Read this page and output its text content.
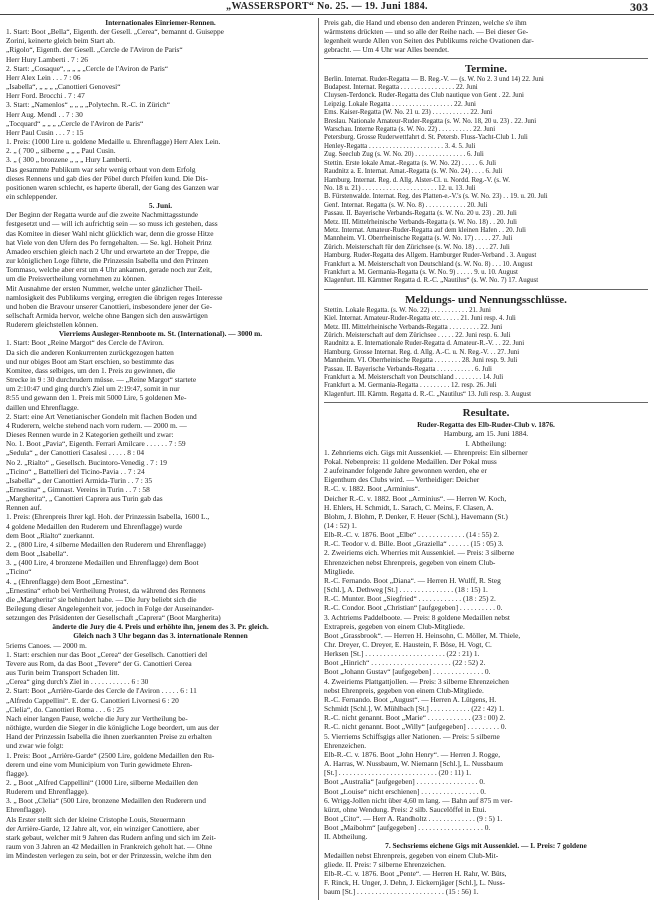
„WASSERSPORT“ No. 25. — 19. Juni 1884.	303
Internationales Einriemer-Rennen.
1. Start: Boot „Bella“, Eigenth. der Gesell. „Cerea“, bemannt d. Guiseppe
Zorini, keinerte gleich beim Start ab.
„Rigolo“, Eigenth. der Gesell. „Cercle de l'Aviron de Paris“
Herr Hury Lamberti . 7 : 26
2. Start: „Cosaque“, „ „ „ „Cercle de l'Aviron de Paris“
Herr Alex Lein . . . 7 : 06
„Isabella“, „ „ „ „Canottieri Genovesi“
Herr Ford. Brocchi . 7 : 47
3. Start: „Namenlos“ „ „ „ „Polytechn. R.-C. in Zürich“
Herr Aug. Mendl . . 7 : 30
„Tocquard“ „ „ „ „Cercle de l'Aviron de Paris“
Herr Paul Cusin . . . 7 : 15
1. Preis: (1000 Lire u. goldene Medaille u. Ehrenflagge) Herr Alex Lein.
2. „ ( 700 „ silberne „ „ „ Paul Cusin.
3. „ ( 300 „ bronzene „ „ „ Hury Lamberti.
Das gesammte Publikum war sehr wenig erbaut von dem Erfolg
dieses Rennens und gab dies der Pöbel durch Pfeifen kund. Die Dis-
positionen waren schlecht, es haperte überall, der Gang des Ganzen war
ein schleppender.
5. Juni.
Der Beginn der Regatta wurde auf die zweite Nachmittagsstunde
festgesetzt und — will ich aufrichtig sein — so muss ich gestehen, dass
das Komitee in dieser Wahl nicht glücklich war, denn die grosse Hitze
hat Viele von den Ufern des Po ferngehalten. — Se. kgl. Hoheit Prinz
Amadeo erschien gleich nach 2 Uhr und erwartete an der Treppe, die
zur königlichen Loge führte, die Prinzessin Isabella und den Prinzen
Tommaso, welche aber erst um 4 Uhr ankamen, gerade noch zur Zeit,
um die Preisvertheilung vornehmen zu können.
Mit Ausnahme der ersten Nummer, welche unter gänzlicher Theil-
namlosigkeit des Publikums verging, erregten die übrigen reges Interesse
und hoben die Bravour unserer Canottieri, insbesondere jener der Ge-
sellschaft Armida hervor, welche ohne Bangen sich den auswärtigen
Ruderern gleichstellen können.
Vierriems Ausleger-Rennboote m. St. (International). — 3000 m.
1. Start: Boot „Reine Margot“ des Cercle de l'Aviron.
Da sich die anderen Konkurrenten zurückgezogen hatten
und nur obiges Boot am Start erschien, so bestimmte das
Komitee, dass selbiges, um den 1. Preis zu gewinnen, die
Strecke in 9 : 30 durchrudern müsse. — „Reine Margot“ startete
um 2:10:47 und ging durch's Ziel um 2:19:47, somit in nur
8:55 und gewann den 1. Preis mit 5000 Lire, 5 goldenen Me-
daillen und Ehrenflagge.
2. Start: eine Art Venetianischer Gondeln mit flachen Boden und
4 Ruderern, welche stehend nach vorn rudern. — 2000 m. —
Dieses Rennen wurde in 2 Kategorien getheilt und zwar:
No. 1. Boot „Pavia“, Eigenth. Ferrari Amilcare . . . . . . 7 : 59
„Sedula“ „ der Canottieri Casalesi . . . . . 8 : 04
No 2. „Rialto“ „ Gesellsch. Bucintoro-Venedig . 7 : 19
„Ticino“ „ Battellieri del Ticino-Pavia . . 7 : 24
„Isabella“ „ der Canottieri Armida-Turin . . 7 : 35
„Ernestina“ „ Gimnast. Vereins in Turin . . 7 : 58
„Margherita“, „ Canottieri Caprera aus Turin gab das
Rennen auf.
1. Preis: (Ehrenpreis Ihrer kgl. Hoh. der Prinzessin Isabella, 1600 L.,
4 goldene Medaillen den Ruderern und Ehrenflagge) wurde
dem Boot „Rialto“ zuerkannt.
2. „ (800 Lire, 4 silberne Medaillen den Ruderern und Ehrenflagge)
dem Boot „Isabella“.
3. „ (400 Lire, 4 bronzene Medaillen und Ehrenflagge) dem Boot
„Ticino“
4. „ (Ehrenflagge) dem Boot „Ernestina“.
„Ernestina“ erhob bei Vertheilung Protest, da während des Rennens
die „Margherita“ sie behindert habe. — Die Jury beliebt sich die
Beilegung dieser Angelegenheit vor, jedoch in Folge der Auseinander-
setzungen des Präsidenten der Gesellschaft „Caprera“ (Boot Margherita)
änderte die Jury die 4. Preis und erhöhte ihn, jenem des 3. Pr. gleich.
Gleich nach 3 Uhr begann das 3. internationale Rennen
5riems Canoes. — 2000 m.
1. Start: erschien nur das Boot „Cerea“ der Gesellsch. Canottieri del
Tevere aus Rom, da das Boot „Tevere“ der G. Canottieri Cerea
aus Turin beim Transport Schaden litt.
„Cerea“ ging durch's Ziel in . . . . . . . . . . . 6 : 30
2. Start: Boot „Arrière-Garde des Cercle de l'Aviron . . . . . 6 : 11
„Alfredo Cappellini“. E. der G. Canottieri Livornesi 6 : 20
„Clelia“, do. Canottieri Roma . . . 6 : 25
Nach einer langen Pause, welche die Jury zur Vertheilung be-
nöthigte, wurden die Sieger in die königliche Loge beordert, um aus der
Hand der Prinzessin Isabella die ihnen zuerkannten Preise zu erhalten
und zwar wie folgt:
1. Preis: Boot „Arrière-Garde“ (2500 Lire, goldene Medaillen den Ru-
derern und eine vom Municipium von Turin gewidmete Ehren-
flagge).
2. „ Boot „Alfred Cappellini“ (1000 Lire, silberne Medaillen den
Ruderern und Ehrenflagge).
3. „ Boot „Clelia“ (500 Lire, bronzene Medaillen den Ruderern und
Ehrenflagge).
Als Erster stellt sich der kleine Cristophe Louis, Steuermann
der Arrière-Garde, 12 Jahre alt, vor, ein winziger Canottiere, aber
stark gebaut, welcher mit 9 Jahren das Rudern anfing und sich im Zeit-
raum von 3 Jahren an 42 Medaillen in Frankreich geholt hat. — Ohne
im Mindesten verlegen zu sein, bot er der Prinzessin, welche ihm den
Preis gab, die Hand und ebenso den anderen Prinzen, welche s'e ihm
wärmstens drückten — und so alle der Reihe nach. — Bei dieser Ge-
legenheit wurde Allen von Seiten des Publikums reiche Ovationen dar-
gebracht. — Um 4 Uhr war Alles beendet.
Termine.
Berlin. Internat. Ruder-Regatta — B. Reg.-V. — (s. W. No 2. 3 und 14) 22. Juni
Budapest. Internat. Regatta . . . . . . . . . . . . . . . . 22. Juni
Cluysen-Terdonck. Ruder-Regatta des Club nautique von Gent . 22. Juni
Leipzig. Lokale Regatta . . . . . . . . . . . . . . . . . . 22. Juni
Ems. Kaiser-Regatta (W. No. 21 u. 23) . . . . . . . . . . . 22. Juni
Breslau. Nationale Amateur-Ruder-Regatta (s. W. No. 18, 20 u. 23) . 22. Juni
Warschau. Interne Regatta (s. W. No. 22) . . . . . . . . . . 22. Juni
Petersburg. Grosse Ruderwettfahrt d. St. Petersb. Fluss-Yacht-Club 1. Juli
Henley-Regatta . . . . . . . . . . . . . . . . . . . . . . 3. 4. 5. Juli
Zug. Seeclub Zug (s. W. No. 20) . . . . . . . . . . . . . . . 6. Juli
Stettin. Erste lokale Amat.-Regatta (s. W. No. 22) . . . . . 6. Juli
Raudnitz a. E. Internat. Amat.-Regatta (s. W. No. 24) . . . . 6. Juli
Hamburg. Internat. Reg. d. Allg. Alster-Cl. u. Nordd. Reg.-V. (s. W.
No. 18 u. 21) . . . . . . . . . . . . . . . . . . . . . . 12. u. 13. Juli
B. Fürstenwalde. Internat. Reg. des Platten-e.-V.'s (s. W. No. 23) . . 19. u. 20. Juli
Genf. Internat. Regatta (s. W. No. 8) . . . . . . . . . . . . 20. Juli
Passau. II. Bayerische Verbands-Regatta (s. W. No. 20 u. 23) . 20. Juli
Metz. III. Mittelrheinische Verbands-Regatta (s. W. No. 18) . . 20. Juli
Metz. Internat. Amateur-Ruder-Regatta auf dem kleinen Hafen . . 20. Juli
Mannheim. VI. Oberrheinische Regatta (s. W. No. 17) . . . . . 27. Juli
Zürich. Meisterschaft für den Zürichsee (s. W. No. 18) . . . . 27. Juli
Hamburg. Ruder-Regatta des Allgem. Hamburger Ruder-Verband . 3. August
Frankfurt a. M. Meisterschaft von Deutschland (s. W. No. 8) . . . 10. August
Frankfurt a. M. Germania-Regatta (s. W. No. 9) . . . . . 9. u. 10. August
Klagenfurt. III. Kärntner Regatta d. R.-C. „Nautilus“ (s. W. No. 7) 17. August
Meldungs- und Nennungsschlüsse.
Stettin. Lokale Regatta. (s. W. No. 22) . . . . . . . . . . . 21. Juni
Kiel. Internat. Amateur-Ruder-Regatta etc. . . . . . 21. Juni resp. 4. Juli
Metz. III. Mittelrheinische Verbands-Regatta . . . . . . . . . 22. Juni
Zürich. Meisterschaft auf dem Zürichsee . . . . . 22. Juni resp. 6. Juli
Raudnitz a. E. Internationale Ruder-Regatta d. Amateur-R.-V. . . 22. Juni
Hamburg. Grosse Internat. Reg. d. Allg. A.-C. u. N. Reg.-V. . . 27. Juni
Mannheim. VI. Oberrheinische Regatta . . . . . . . . 28. Juni resp. 9. Juli
Passau. II. Bayerische Verbands-Regatta . . . . . . . . . . . 6. Juli
Frankfurt a. M. Meisterschaft von Deutschland . . . . . . . . 14. Juli
Frankfurt a. M. Germania-Regatta . . . . . . . . . 12. resp. 26. Juli
Klagenfurt. III. Kärntn. Regatta d. R.-C. „Nautilus“ 13. Juli resp. 3. August
Resultate.
Ruder-Regatta des Elb-Ruder-Club v. 1876.
Hamburg, am 15. Juni 1884.
I. Abtheilung:
1. Zehnriems eich. Gigs mit Aussenkiel. — Ehrenpreis: Ein silberner
Pokal. Nebenpreis: 11 goldene Medaillen. Der Pokal muss
2 aufeinander folgende Jahre gewonnen werden, ehe er
Eigenthum des Clubs wird. — Vertheidiger: Deicher
R.-C. v. 1882. Boot „Arminius“.
Deicher R.-C. v. 1882. Boot „Arminius“. — Herren W. Koch,
H. Ehlers, H. Schmidt, L. Sarach, C. Meins, F. Clasen, A.
Blohm, J. Blohm, P. Denker, F. Heuer (Schl.), Havemann (St.)
(14 : 52) 1.
Elb-R.-C. v. 1876. Boot „Elbe“ . . . . . . . . . . . . . (14 : 55) 2.
R.-C. Teodor v. d. Bille. Boot „Graziella“ . . . . . . (15 : 05) 3.
2. Zweiriems eich. Wherries mit Aussenkiel. — Preis: 3 silberne
Ehrenzeichen nebst Ehrenpreis, gegeben von einem Club-
Mitgliede.
R.-C. Fernando. Boot „Diana“. — Herren H. Wulff, R. Steg
[Schl.], A. Dethweg [St.] . . . . . . . . . . . . . . . (18 : 15) 1.
R.-C. Munter. Boot „Siegfried“ . . . . . . . . . . . . (18 : 25) 2.
R.-C. Condor. Boot „Christian“ [aufgegeben] . . . . . . . . . . 0.
3. Achtriems Paddelboote. — Preis: 8 goldene Medaillen nebst
Extrapreis, gegeben von einem Club-Mitgliede.
Boot „Grassbrook“. — Herren H. Heinsohn, C. Möller, M. Thiele,
Chr. Dreyer, C. Dreyer, E. Haustein, F. Böse, H. Vogt, C.
Herksen [St.] . . . . . . . . . . . . . . . . . . . . . . (22 : 21) 1.
Boot „Hinrich“ . . . . . . . . . . . . . . . . . . . . . . (22 : 52) 2.
Boot „Johann Gustav“ [aufgegeben] . . . . . . . . . . . . . . 0.
4. Zweiriems Plattgattjollen. — Preis: 3 silberne Ehrenzeichen
nebst Ehrenpreis, gegeben von einem Club-Mitgliede.
R.-C. Fernando. Boot „August“. — Herren A. Lütgens, H.
Schmidt [Schl.], W. Mühlbach [St.] . . . . . . . . . . . (22 : 42) 1.
R.-C. nicht genannt. Boot „Marie“ . . . . . . . . . . . . (23 : 00) 2.
R.-C. nicht genannt. Boot „Willy“ [aufgegeben] . . . . . . . . . 0.
5. Vierriems Schiffsgigs aller Nationen. — Preis: 5 silberne
Ehrenzeichen.
Elb-R.-C. v. 1876. Boot „John Henry“. — Herren J. Rogge,
A. Harras, W. Nussbaum, W. Niemann [Schl.], L. Nussbaum
[St.] . . . . . . . . . . . . . . . . . . . . . . . . . . . (20 : 11) 1.
Boot „Australia“ [aufgegeben] . . . . . . . . . . . . . . . . . 0.
Boot „Louise“ nicht erschienen] . . . . . . . . . . . . . . . . 0.
6. Wrigg-Jollen nicht über 4,60 m lang. — Bahn auf 875 m ver-
kürzt, ohne Wendung. Preis: 2 silb. Saucelöffel in Etui.
Boot „Cito“. — Herr A. Randholtz . . . . . . . . . . . . . (9 : 5) 1.
Boot „Maibohm“ [aufgegeben] . . . . . . . . . . . . . . . . . . 0.
II. Abtheilung.
7. Sechsriems eichene Gigs mit Aussenkiel. — I. Preis: 7 goldene
Medaillen nebst Ehrenpreis, gegeben von einem Club-Mit-
gliede. II. Preis: 7 silberne Ehrenzeichen.
Elb-R.-C. v. 1876. Boot „Pente“. — Herren H. Rahr, W. Büts,
F. Rinck, H. Unger, J. Dehn, J. Eickernjäger [Schl.], L. Nuss-
baum [St.] . . . . . . . . . . . . . . . . . . . . . . . . (15 : 56) 1.
